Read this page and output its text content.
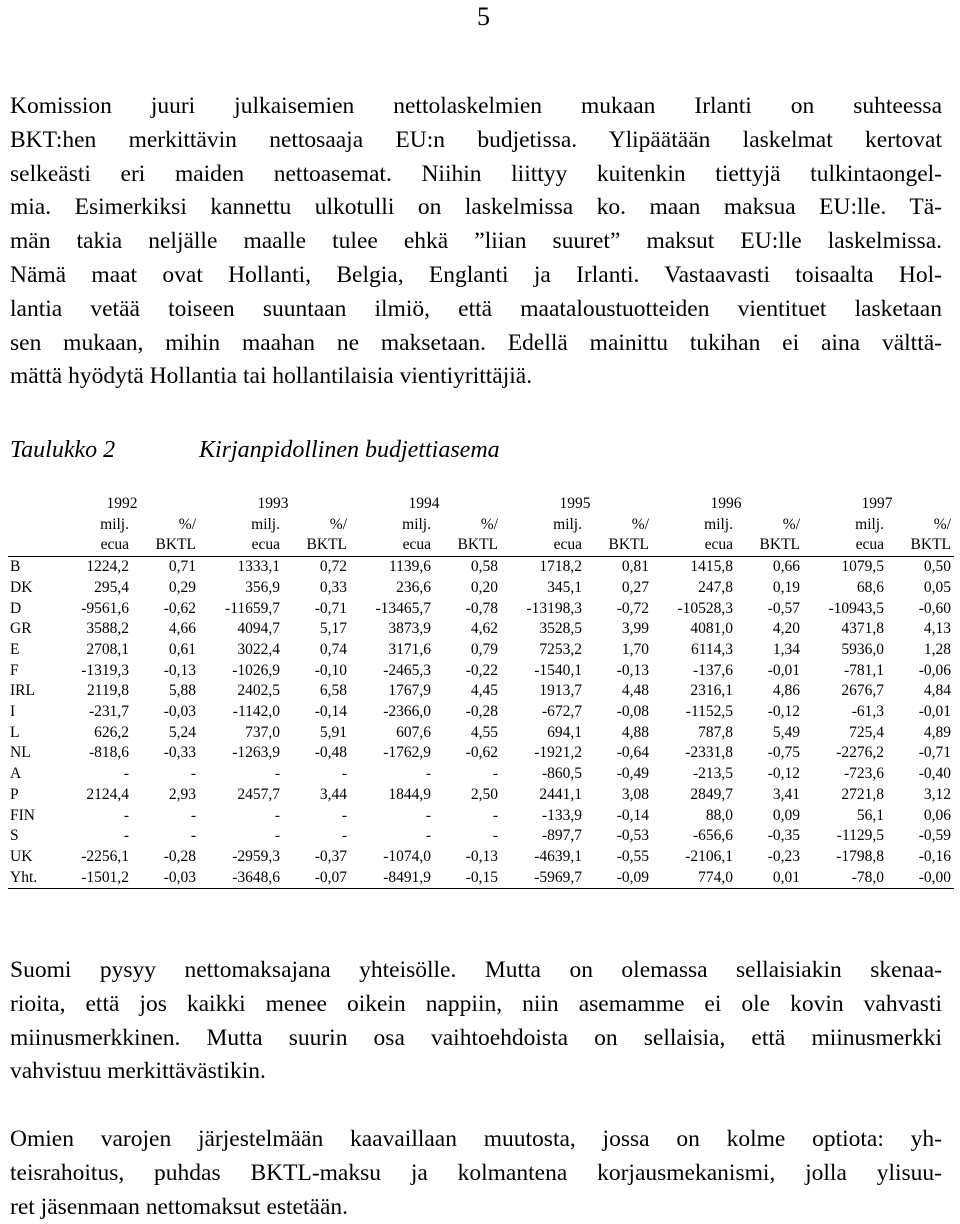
5
Komission juuri julkaisemien nettolaskelmien mukaan Irlanti on suhteessa
BKT:hen merkittävin nettosaaja EU:n budjetissa. Ylipäätään laskelmat kertovat
selkeästi eri maiden nettoasemat. Niihin liittyy kuitenkin tiettyjä tulkintaongel-
mia. Esimerkiksi kannettu ulkotulli on laskelmissa ko. maan maksua EU:lle. Tä-
män takia neljälle maalle tulee ehkä ”liian suuret” maksut EU:lle laskelmissa.
Nämä maat ovat Hollanti, Belgia, Englanti ja Irlanti. Vastaavasti toisaalta Hol-
lantia vetää toiseen suuntaan ilmiö, että maataloustuotteiden vientituet lasketaan
sen mukaan, mihin maahan ne maksetaan. Edellä mainittu tukihan ei aina välttä-
mättä hyödytä Hollantia tai hollantilaisia vientiyrittäjiä.
Taulukko 2	Kirjanpidollinen budjettiasema
	1992		1993		1994		1995		1996		1997	
	milj.	%/	milj.	%/	milj.	%/	milj.	%/	milj.	%/	milj.	%/
	ecua	BKTL	ecua	BKTL	ecua	BKTL	ecua	BKTL	ecua	BKTL	ecua	BKTL
B	1224,2	0,71	1333,1	0,72	1139,6	0,58	1718,2	0,81	1415,8	0,66	1079,5	0,50
DK	295,4	0,29	356,9	0,33	236,6	0,20	345,1	0,27	247,8	0,19	68,6	0,05
D	-9561,6	-0,62	-11659,7	-0,71	-13465,7	-0,78	-13198,3	-0,72	-10528,3	-0,57	-10943,5	-0,60
GR	3588,2	4,66	4094,7	5,17	3873,9	4,62	3528,5	3,99	4081,0	4,20	4371,8	4,13
E	2708,1	0,61	3022,4	0,74	3171,6	0,79	7253,2	1,70	6114,3	1,34	5936,0	1,28
F	-1319,3	-0,13	-1026,9	-0,10	-2465,3	-0,22	-1540,1	-0,13	-137,6	-0,01	-781,1	-0,06
IRL	2119,8	5,88	2402,5	6,58	1767,9	4,45	1913,7	4,48	2316,1	4,86	2676,7	4,84
I	-231,7	-0,03	-1142,0	-0,14	-2366,0	-0,28	-672,7	-0,08	-1152,5	-0,12	-61,3	-0,01
L	626,2	5,24	737,0	5,91	607,6	4,55	694,1	4,88	787,8	5,49	725,4	4,89
NL	-818,6	-0,33	-1263,9	-0,48	-1762,9	-0,62	-1921,2	-0,64	-2331,8	-0,75	-2276,2	-0,71
A	-	-	-	-	-	-	-860,5	-0,49	-213,5	-0,12	-723,6	-0,40
P	2124,4	2,93	2457,7	3,44	1844,9	2,50	2441,1	3,08	2849,7	3,41	2721,8	3,12
FIN	-	-	-	-	-	-	-133,9	-0,14	88,0	0,09	56,1	0,06
S	-	-	-	-	-	-	-897,7	-0,53	-656,6	-0,35	-1129,5	-0,59
UK	-2256,1	-0,28	-2959,3	-0,37	-1074,0	-0,13	-4639,1	-0,55	-2106,1	-0,23	-1798,8	-0,16
Yht.	-1501,2	-0,03	-3648,6	-0,07	-8491,9	-0,15	-5969,7	-0,09	774,0	0,01	-78,0	-0,00
Suomi pysyy nettomaksajana yhteisölle. Mutta on olemassa sellaisiakin skenaa-
rioita, että jos kaikki menee oikein nappiin, niin asemamme ei ole kovin vahvasti
miinusmerkkinen. Mutta suurin osa vaihtoehdoista on sellaisia, että miinusmerkki
vahvistuu merkittävästikin.
Omien varojen järjestelmään kaavaillaan muutosta, jossa on kolme optiota: yh-
teisrahoitus, puhdas BKTL-maksu ja kolmantena korjausmekanismi, jolla ylisuu-
ret jäsenmaan nettomaksut estetään.
